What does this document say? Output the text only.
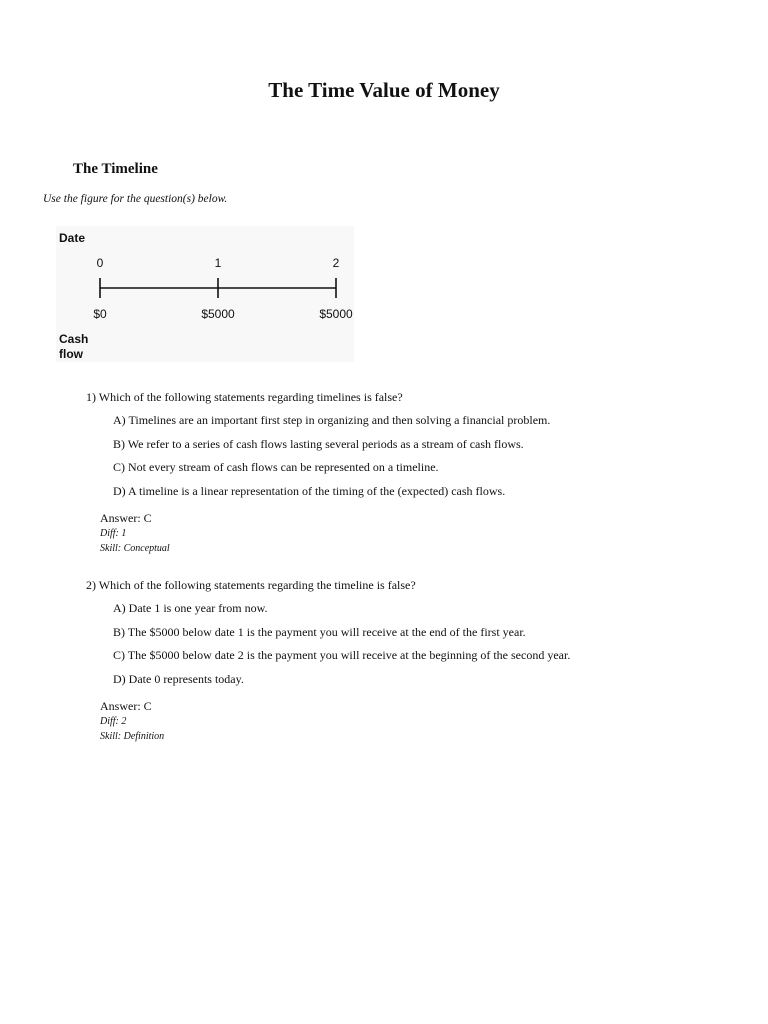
The Time Value of Money
The Timeline
Use the figure for the question(s) below.
Date
0	1	2
$0	$5000	$5000
Cash
flow
1) Which of the following statements regarding timelines is false?
A) Timelines are an important first step in organizing and then solving a financial problem.
B) We refer to a series of cash flows lasting several periods as a stream of cash flows.
C) Not every stream of cash flows can be represented on a timeline.
D) A timeline is a linear representation of the timing of the (expected) cash flows.
Answer: C
Diff: 1
Skill: Conceptual
2) Which of the following statements regarding the timeline is false?
A) Date 1 is one year from now.
B) The $5000 below date 1 is the payment you will receive at the end of the first year.
C) The $5000 below date 2 is the payment you will receive at the beginning of the second year.
D) Date 0 represents today.
Answer: C
Diff: 2
Skill: Definition
